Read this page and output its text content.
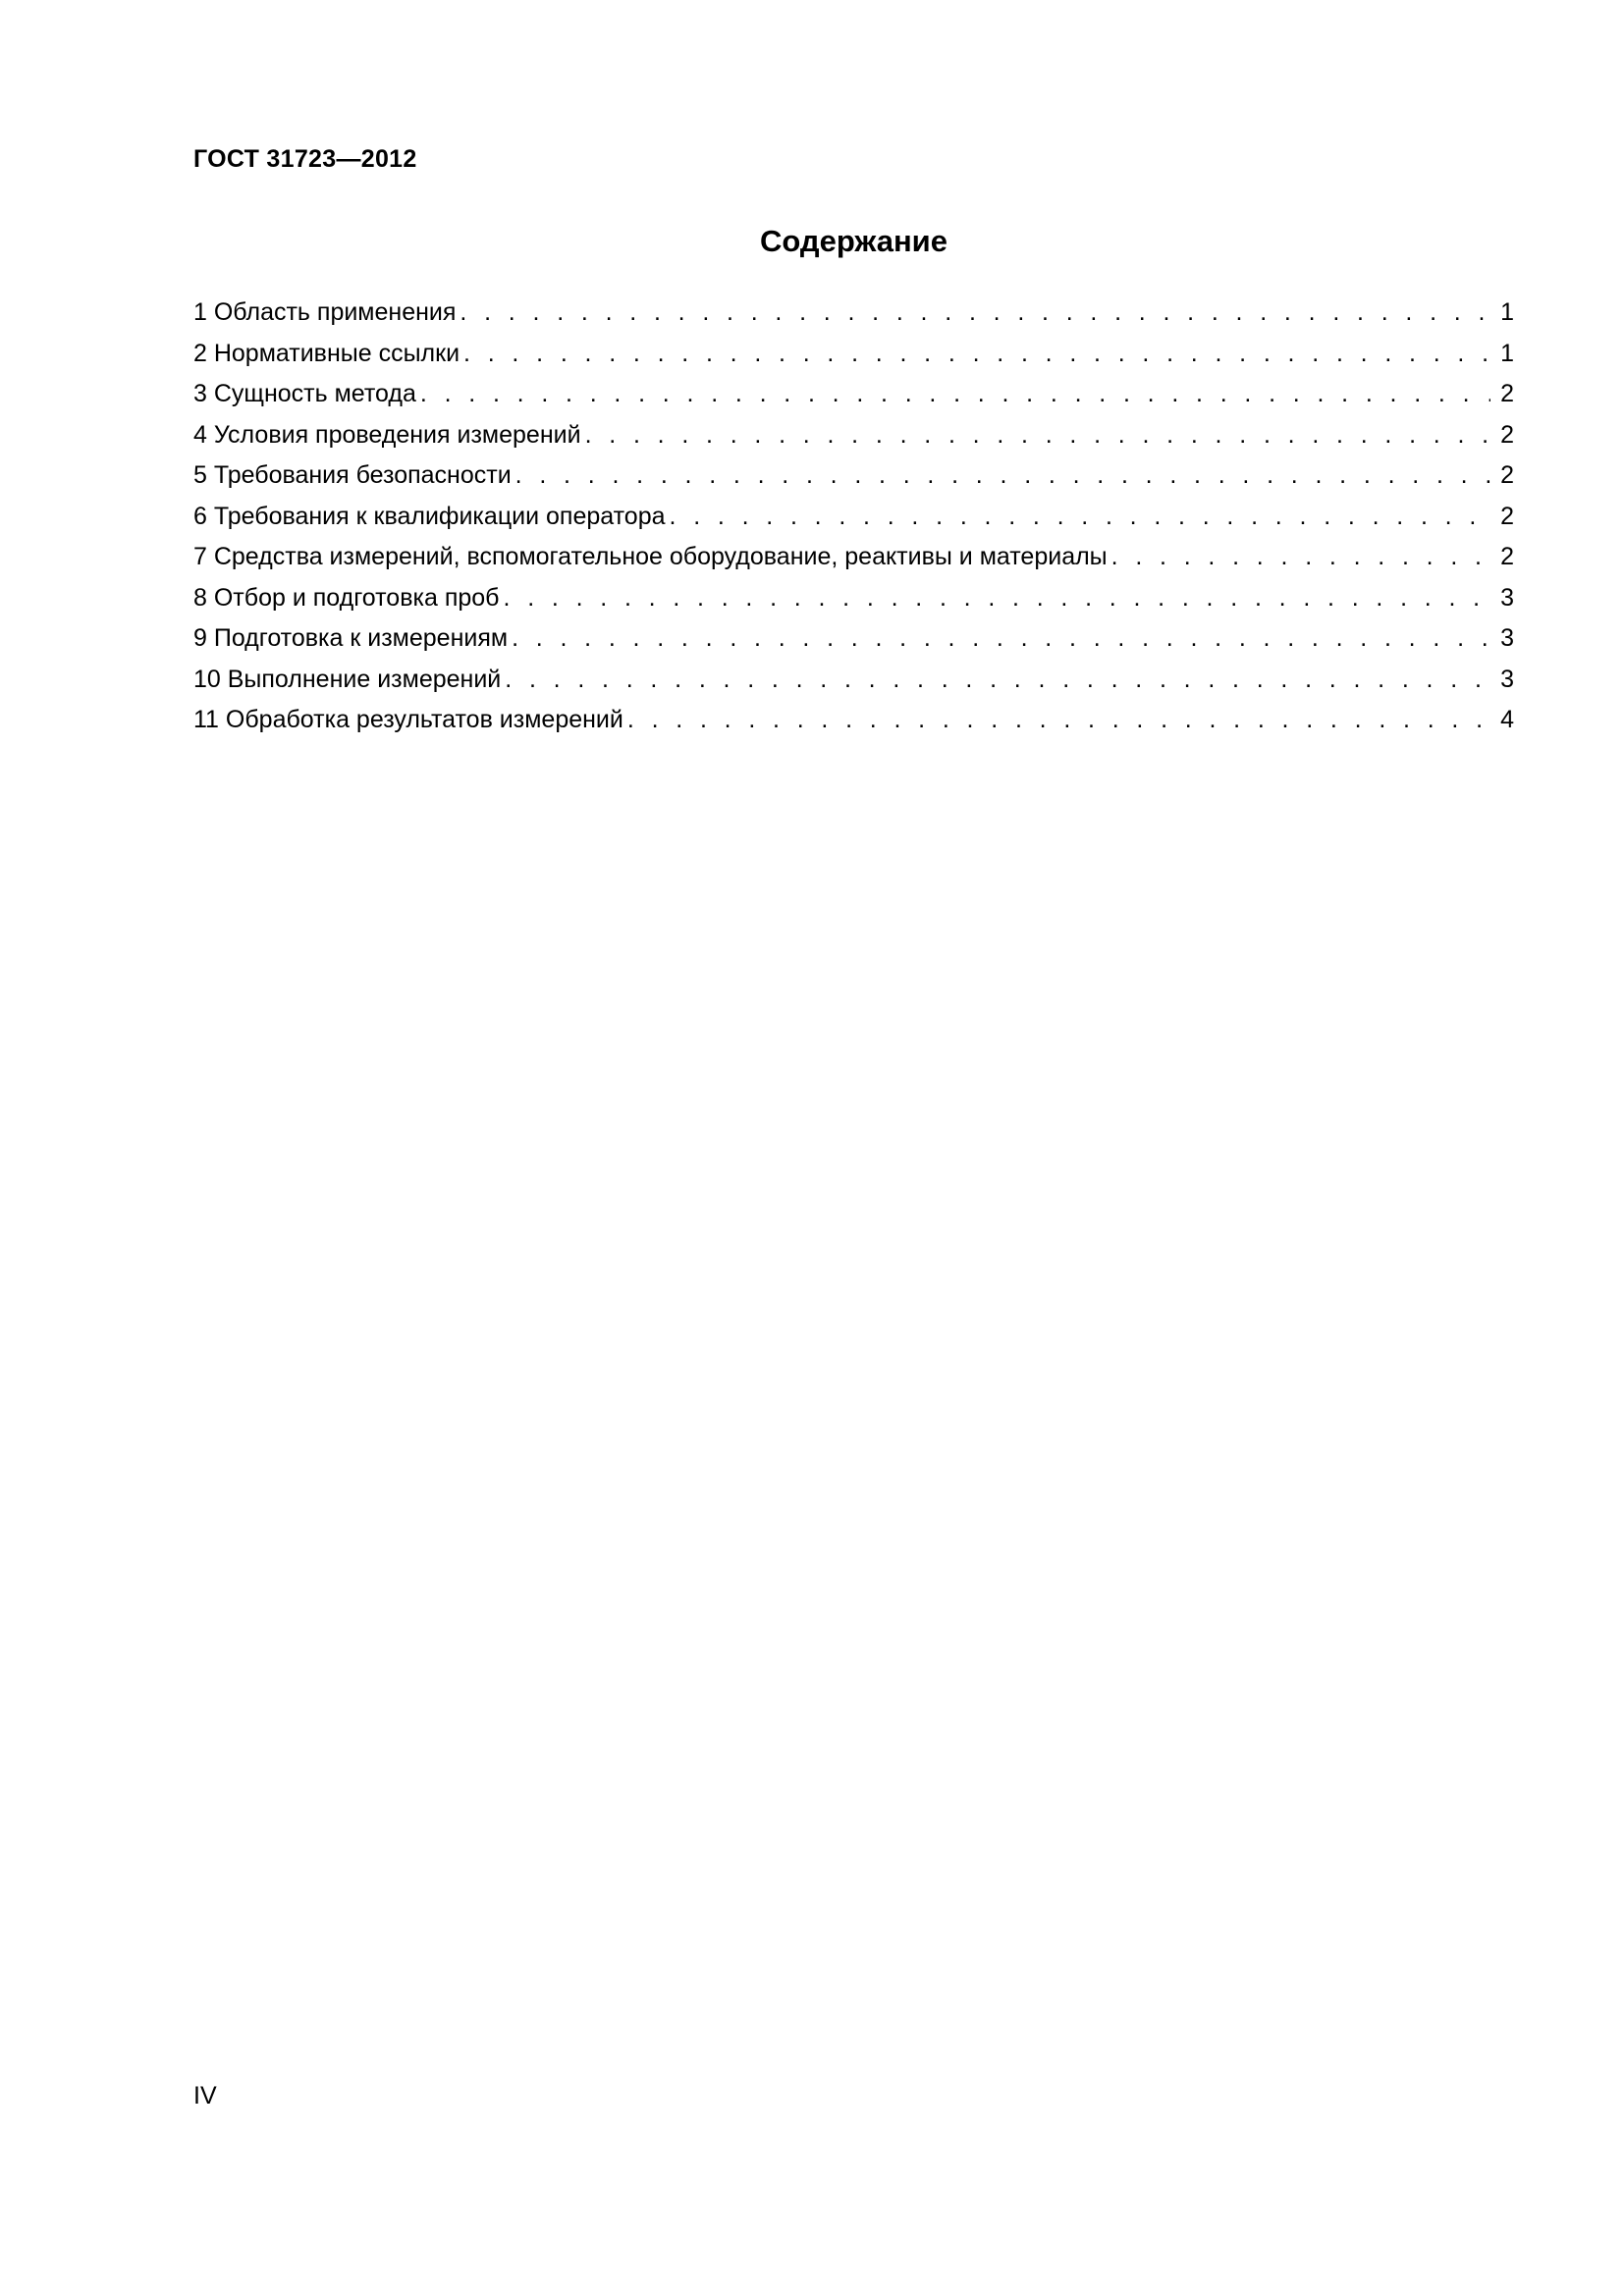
ГОСТ 31723—2012
Содержание
1 Область применения . . .	1
2 Нормативные ссылки . . .	1
3 Сущность метода . . .	2
4 Условия проведения измерений . . .	2
5 Требования безопасности . . .	2
6 Требования к квалификации оператора . . .	2
7 Средства измерений, вспомогательное оборудование, реактивы и материалы . . .	2
8 Отбор и подготовка проб . . .	3
9 Подготовка к измерениям . . .	3
10 Выполнение измерений . . .	3
11 Обработка результатов измерений . . .	4
IV
